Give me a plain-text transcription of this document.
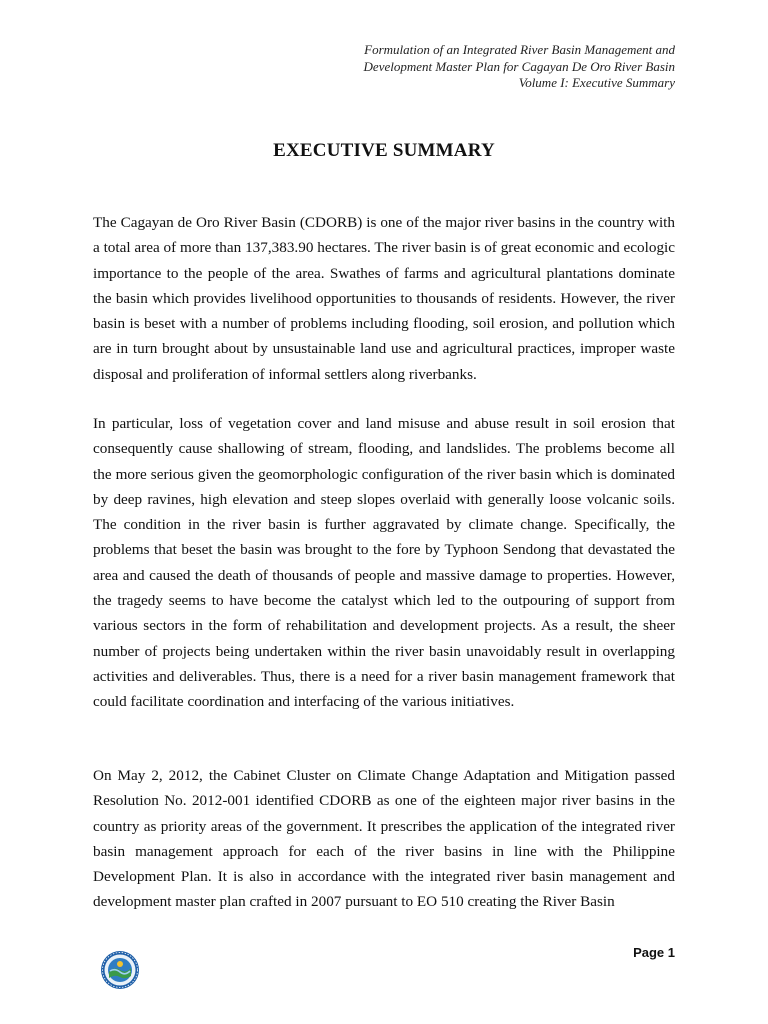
Formulation of an Integrated River Basin Management and
Development Master Plan for Cagayan De Oro River Basin
Volume I: Executive Summary
EXECUTIVE SUMMARY

The Cagayan de Oro River Basin (CDORB) is one of the major river basins in the country with a total area of more than 137,383.90 hectares. The river basin is of great economic and ecologic importance to the people of the area. Swathes of farms and agricultural plantations dominate the basin which provides livelihood opportunities to thousands of residents. However, the river basin is beset with a number of problems including flooding, soil erosion, and pollution which are in turn brought about by unsustainable land use and agricultural practices, improper waste disposal and proliferation of informal settlers along riverbanks.

In particular, loss of vegetation cover and land misuse and abuse result in soil erosion that consequently cause shallowing of stream, flooding, and landslides. The problems become all the more serious given the geomorphologic configuration of the river basin which is dominated by deep ravines, high elevation and steep slopes overlaid with generally loose volcanic soils. The condition in the river basin is further aggravated by climate change. Specifically, the problems that beset the basin was brought to the fore by Typhoon Sendong that devastated the area and caused the death of thousands of people and massive damage to properties. However, the tragedy seems to have become the catalyst which led to the outpouring of support from various sectors in the form of rehabilitation and development projects. As a result, the sheer number of projects being undertaken within the river basin unavoidably result in overlapping activities and deliverables. Thus, there is a need for a river basin management framework that could facilitate coordination and interfacing of the various initiatives.

On May 2, 2012, the Cabinet Cluster on Climate Change Adaptation and Mitigation passed Resolution No. 2012-001 identified CDORB as one of the eighteen major river basins in the country as priority areas of the government. It prescribes the application of the integrated river basin management approach for each of the river basins in line with the Philippine Development Plan. It is also in accordance with the integrated river basin management and development master plan crafted in 2007 pursuant to EO 510 creating the River Basin

Page 1
